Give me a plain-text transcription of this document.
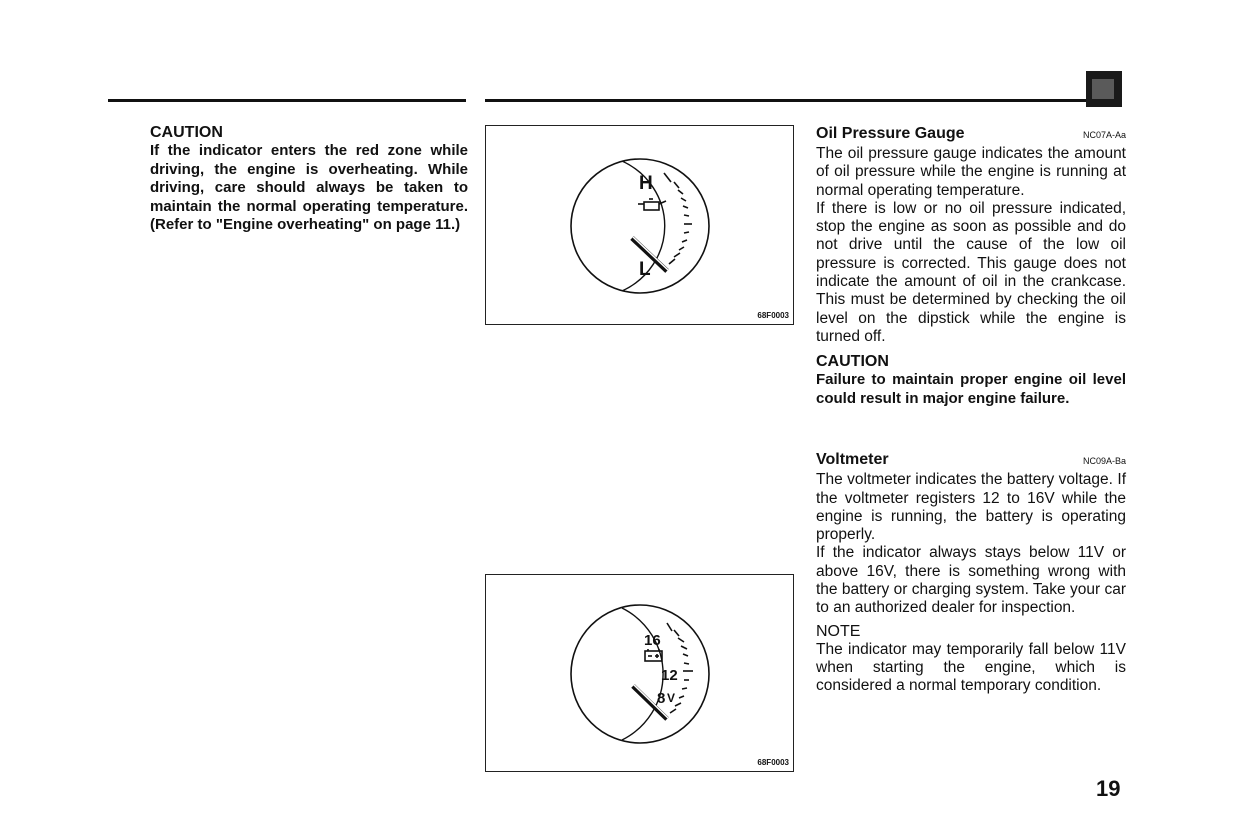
CAUTION

If the indicator enters the red zone while driving, the engine is overheating. While driving, care should always be taken to maintain the normal operating temperature. (Refer to "Engine overheating" on page 11.)

H
L
68F0003
16
12
8 V
68F0003
Oil Pressure Gauge	NC07A-Aa

The oil pressure gauge indicates the amount of oil pressure while the engine is running at normal operating temperature.

If there is low or no oil pressure indicated, stop the engine as soon as possible and do not drive until the cause of the low oil pressure is corrected. This gauge does not indicate the amount of oil in the crankcase. This must be determined by checking the oil level on the dipstick while the engine is turned off.

CAUTION

Failure to maintain proper engine oil level could result in major engine failure.

Voltmeter	NC09A-Ba

The voltmeter indicates the battery voltage. If the voltmeter registers 12 to 16V while the engine is running, the battery is operating properly.

If the indicator always stays below 11V or above 16V, there is something wrong with the battery or charging system. Take your car to an authorized dealer for inspection.

NOTE

The indicator may temporarily fall below 11V when starting the engine, which is considered a normal temporary condition.

19
